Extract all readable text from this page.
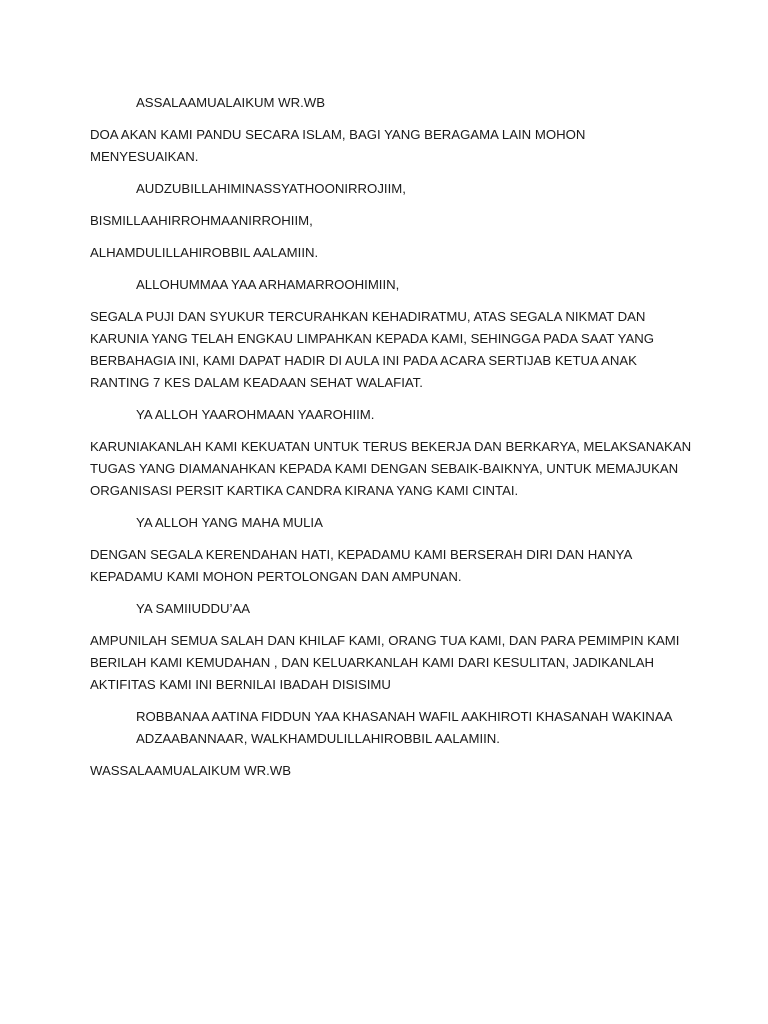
ASSALAAMUALAIKUM WR.WB
DOA AKAN KAMI PANDU SECARA ISLAM, BAGI YANG BERAGAMA LAIN MOHON
MENYESUAIKAN.
AUDZUBILLAHIMINASSYATHOONIRROJIIM,
BISMILLAAHIRROHMAANIRROHIIM,
ALHAMDULILLAHIROBBIL AALAMIIN.
ALLOHUMMAA YAA ARHAMARROOHIMIIN,
SEGALA PUJI DAN SYUKUR TERCURAHKAN KEHADIRATMU, ATAS SEGALA NIKMAT DAN
KARUNIA YANG TELAH ENGKAU LIMPAHKAN KEPADA KAMI, SEHINGGA PADA SAAT YANG
BERBAHAGIA INI, KAMI DAPAT HADIR DI AULA INI PADA ACARA SERTIJAB KETUA ANAK
RANTING 7 KES DALAM KEADAAN SEHAT WALAFIAT.
YA ALLOH YAAROHMAAN YAAROHIIM.
KARUNIAKANLAH KAMI KEKUATAN UNTUK TERUS BEKERJA DAN BERKARYA, MELAKSANAKAN
TUGAS YANG DIAMANAHKAN KEPADA KAMI DENGAN SEBAIK-BAIKNYA, UNTUK MEMAJUKAN
ORGANISASI PERSIT KARTIKA CANDRA KIRANA YANG KAMI CINTAI.
YA ALLOH YANG MAHA MULIA
DENGAN SEGALA KERENDAHAN HATI, KEPADAMU KAMI BERSERAH DIRI DAN HANYA
KEPADAMU KAMI MOHON PERTOLONGAN DAN AMPUNAN.
YA SAMIIUDDU’AA
AMPUNILAH SEMUA SALAH DAN KHILAF KAMI, ORANG TUA KAMI, DAN PARA PEMIMPIN KAMI
BERILAH KAMI KEMUDAHAN , DAN KELUARKANLAH KAMI DARI KESULITAN, JADIKANLAH
AKTIFITAS KAMI INI BERNILAI IBADAH DISISIMU
ROBBANAA AATINA FIDDUN YAA KHASANAH WAFIL AAKHIROTI KHASANAH WAKINAA
ADZAABANNAAR, WALKHAMDULILLAHIROBBIL AALAMIIN.
WASSALAAMUALAIKUM WR.WB
